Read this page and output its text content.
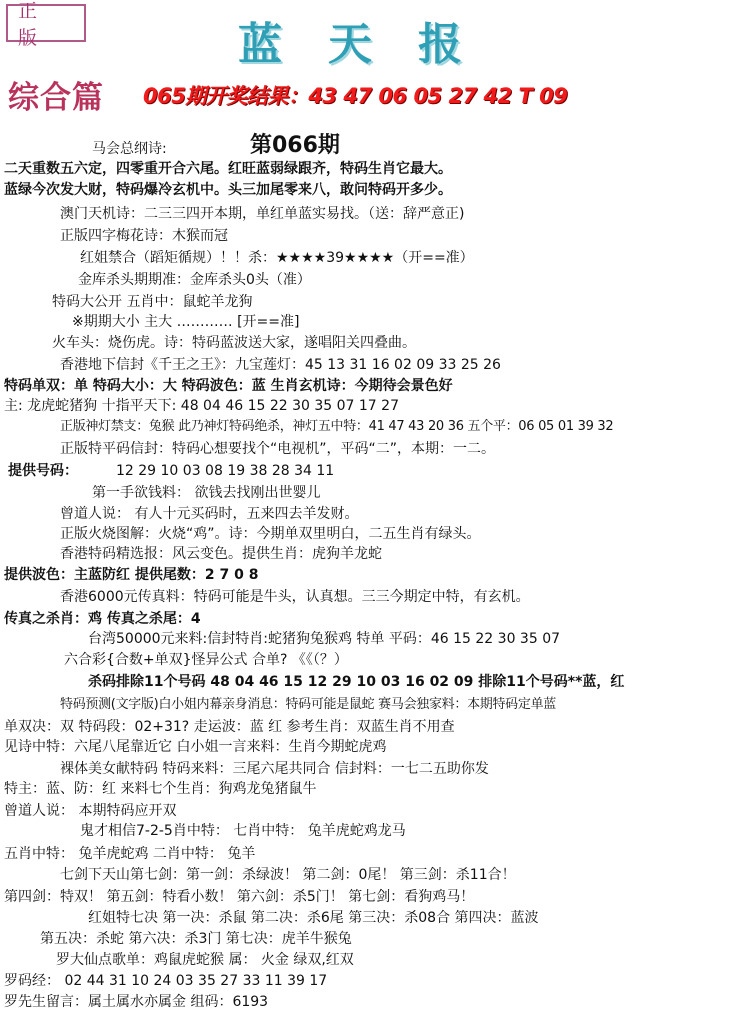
正 版	蓝天报
综合篇 065期开奖结果：43 47 06 05 27 42 T 09
第066期
马会总纲诗:
二天重数五六定，四零重开合六尾。红旺蓝弱绿跟齐，特码生肖它最大。
蓝绿今次发大财，特码爆冷玄机中。头三加尾零来八，敢问特码开多少。
澳门天机诗：二三三四开本期，单红单蓝实易找。（送：辞严意正)
正版四字梅花诗：木猴而冠
红姐禁合（蹈矩循规）！！杀：★★★★39★★★★（开==准）
金库杀头期期准：金库杀头0头（准）
特码大公开 五肖中：鼠蛇羊龙狗
※期期大小 主大 ………… [开==准]
火车头：烧伤虎。诗：特码蓝波送大家，遂唱阳关四叠曲。
香港地下信封《千王之王》：九宝莲灯：45 13 31 16 02 09 33 25 26
特码单双：单 特码大小：大 特码波色：蓝 生肖玄机诗：今期待会景色好
主: 龙虎蛇猪狗 十指平天下: 48 04 46 15 22 30 35 07 17 27
正版神灯禁支：兔猴 此乃神灯特码绝杀，神灯五中特：41 47 43 20 36 五个平：06 05 01 39 32
正版特平码信封：特码心想要找个“电视机”，平码“二”，本期：一二。
提供号码：	12 29 10 03 08 19 38 28 34 11
第一手欲钱料： 欲钱去找刚出世婴儿
曾道人说： 有人十元买码时，五来四去羊发财。
正版火烧图解：火烧“鸡”。诗：今期单双里明白，二五生肖有绿头。
香港特码精选报：风云变色。提供生肖：虎狗羊龙蛇
提供波色：主蓝防红 提供尾数：2 7 0 8
香港6000元传真料：特码可能是牛头，认真想。三三今期定中特，有玄机。
传真之杀肖：鸡 传真之杀尾：4
台湾50000元来料:信封特肖:蛇猪狗兔猴鸡 特单 平码：46 15 22 30 35 07
六合彩{合数+单双}怪异公式 合单? 《《（？）
杀码排除11个号码 48 04 46 15 12 29 10 03 16 02 09 排除11个号码**蓝，红
特码预测(文字版)白小姐内幕亲身消息：特码可能是鼠蛇 赛马会独家料：本期特码定单蓝
单双决：双 特码段：02+31? 走运波：蓝 红 参考生肖：双蓝生肖不用查
见诗中特：六尾八尾靠近它 白小姐一言来料：生肖今期蛇虎鸡
裸体美女献特码 特码来料：三尾六尾共同合 信封料：一七二五助你发
特主：蓝、防：红 来料七个生肖：狗鸡龙兔猪鼠牛
曾道人说： 本期特码应开双
鬼才相信7-2-5肖中特： 七肖中特： 兔羊虎蛇鸡龙马
五肖中特： 兔羊虎蛇鸡 二肖中特： 兔羊
七剑下天山第七剑：第一剑：杀绿波！ 第二剑：0尾！ 第三剑：杀11合！
第四剑：特双！ 第五剑：特看小数！ 第六剑：杀5门！ 第七剑：看狗鸡马！
红姐特七决 第一决：杀鼠 第二决：杀6尾 第三决：杀08合 第四决：蓝波
第五决：杀蛇 第六决：杀3门 第七决：虎羊牛猴兔
罗大仙点歌单：鸡鼠虎蛇猴 属： 火金 绿双,红双
罗码经： 02 44 31 10 24 03 35 27 33 11 39 17
罗先生留言：属土属水亦属金 组码：6193
